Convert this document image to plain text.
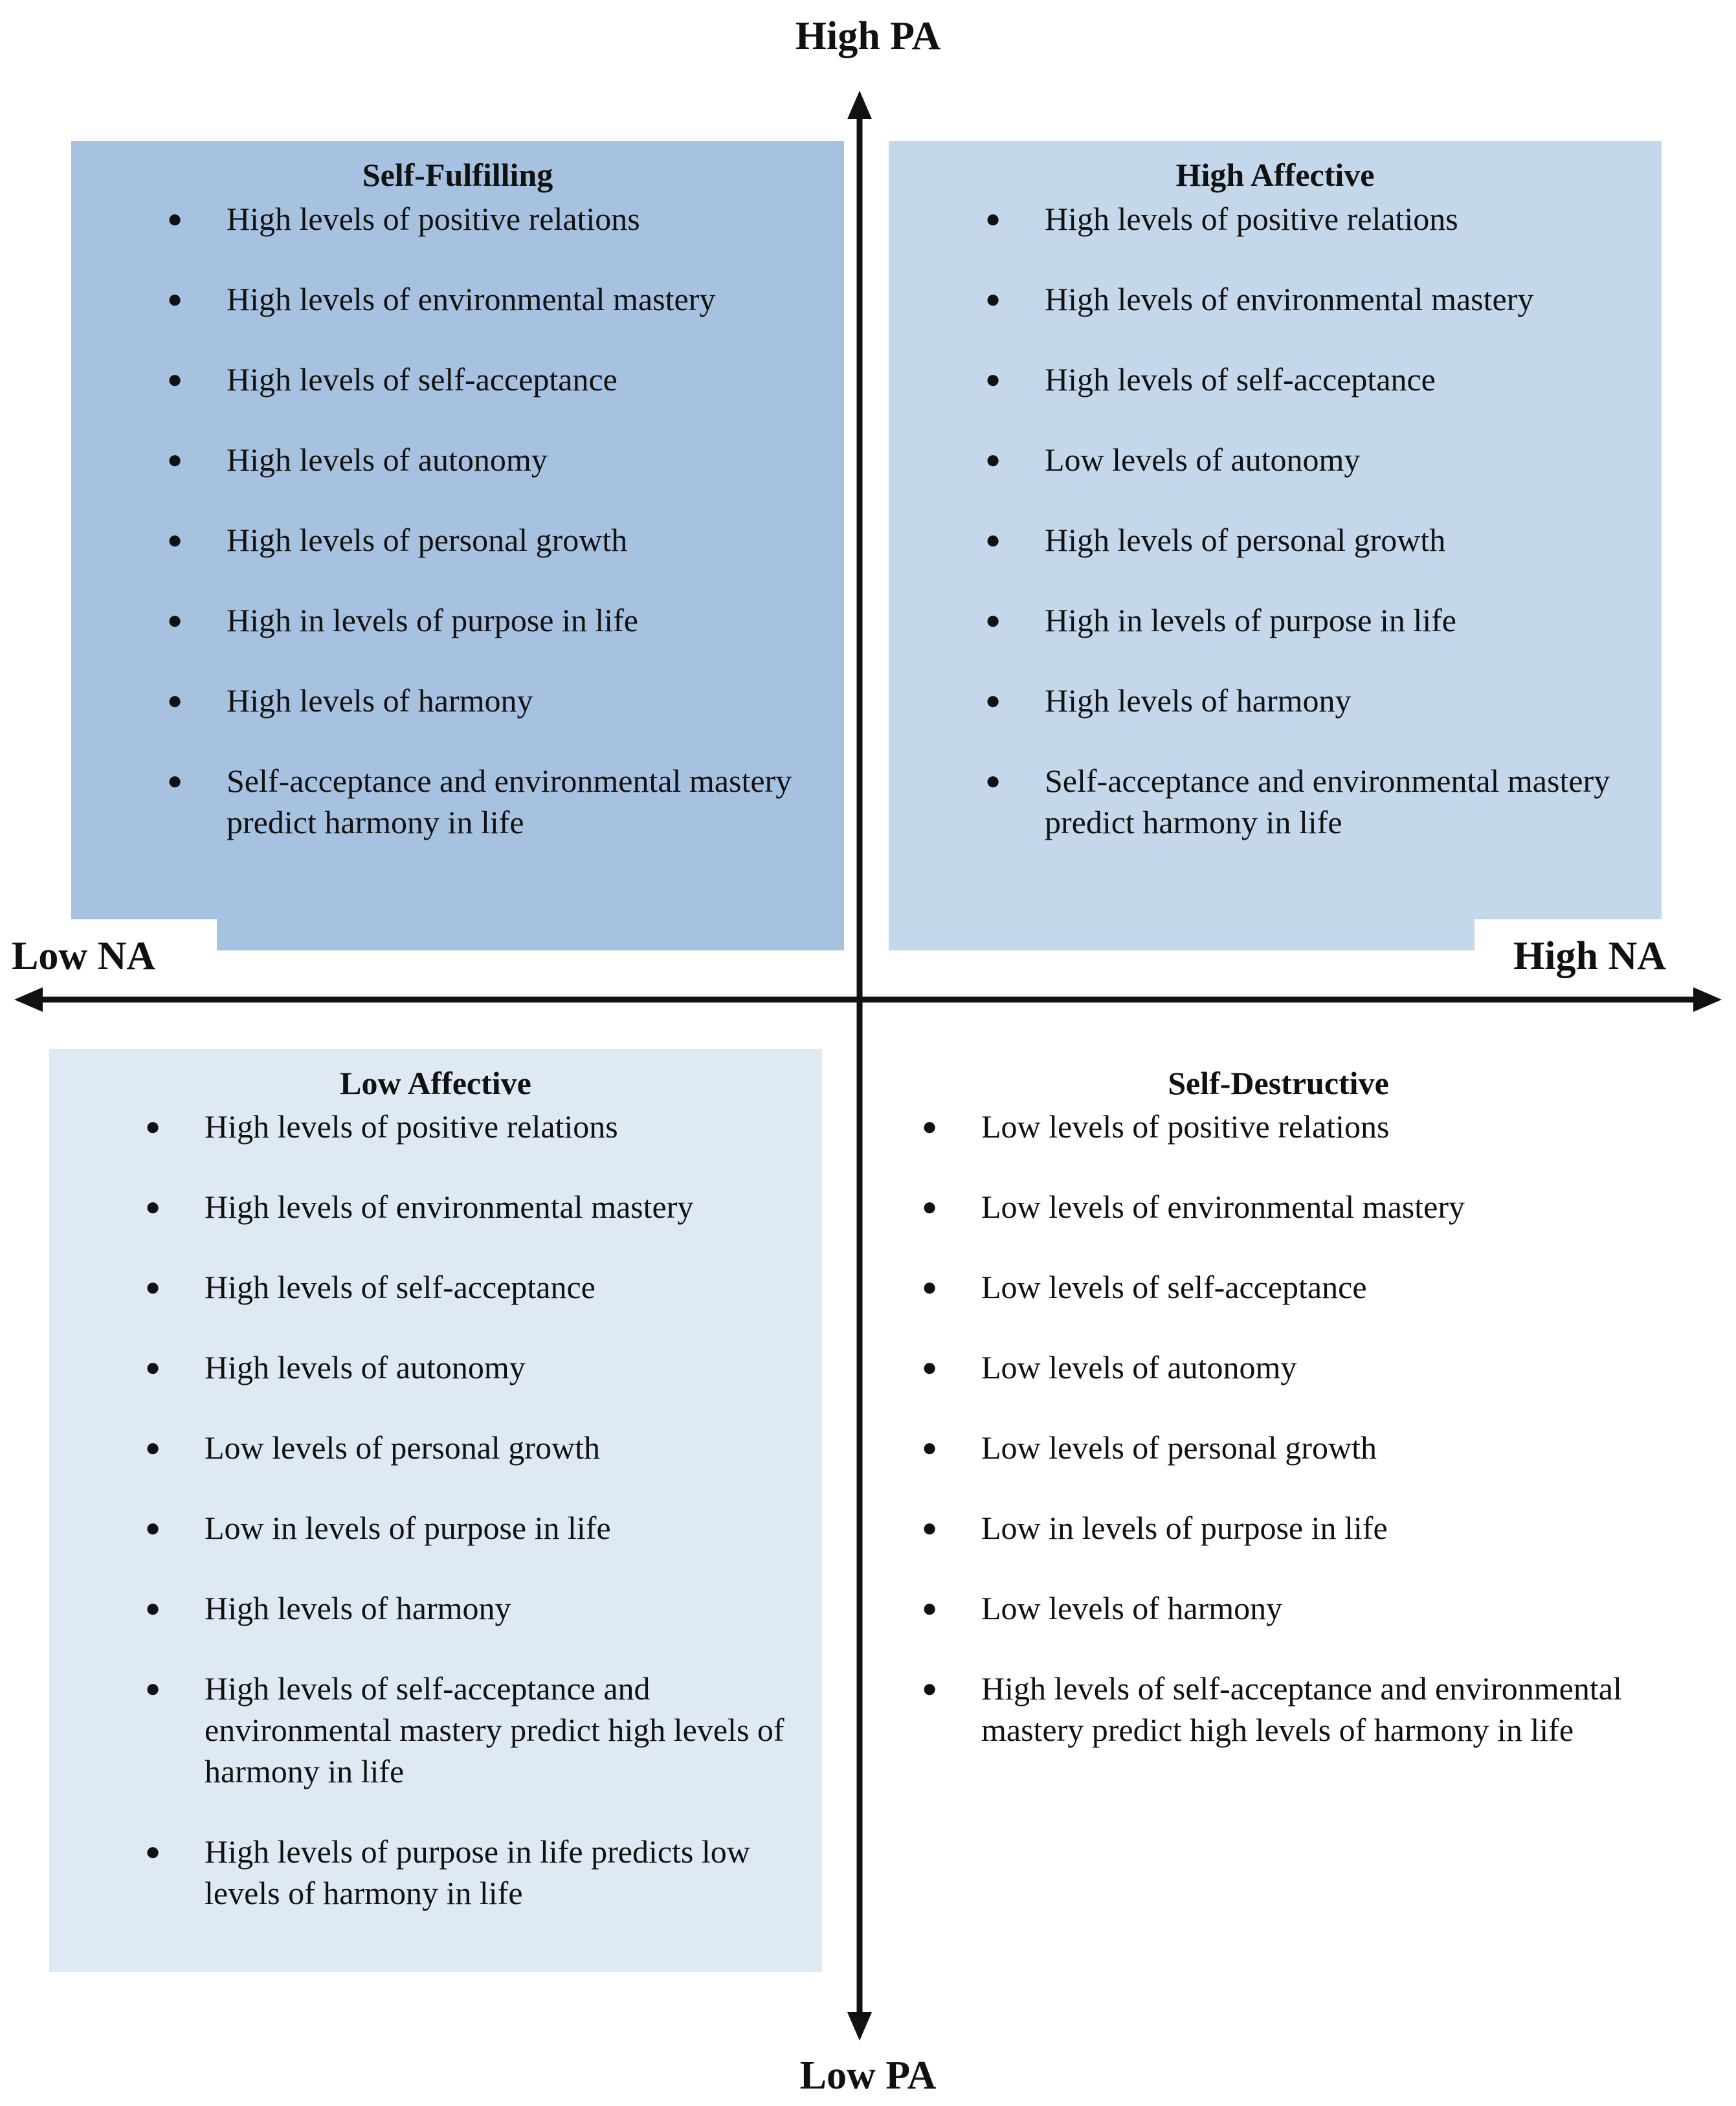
High PA
Low PA
Low NA	High NA
Self-Fulfilling
● High levels of positive relations
● High levels of environmental mastery
● High levels of self-acceptance
● High levels of autonomy
● High levels of personal growth
● High in levels of purpose in life
● High levels of harmony
● Self-acceptance and environmental mastery predict harmony in life
High Affective
● High levels of positive relations
● High levels of environmental mastery
● High levels of self-acceptance
● Low levels of autonomy
● High levels of personal growth
● High in levels of purpose in life
● High levels of harmony
● Self-acceptance and environmental mastery predict harmony in life
Low Affective
● High levels of positive relations
● High levels of environmental mastery
● High levels of self-acceptance
● High levels of autonomy
● Low levels of personal growth
● Low in levels of purpose in life
● High levels of harmony
● High levels of self-acceptance and environmental mastery predict high levels of harmony in life
● High levels of purpose in life predicts low levels of harmony in life
Self-Destructive
● Low levels of positive relations
● Low levels of environmental mastery
● Low levels of self-acceptance
● Low levels of autonomy
● Low levels of personal growth
● Low in levels of purpose in life
● Low levels of harmony
● High levels of self-acceptance and environmental mastery predict high levels of harmony in life
